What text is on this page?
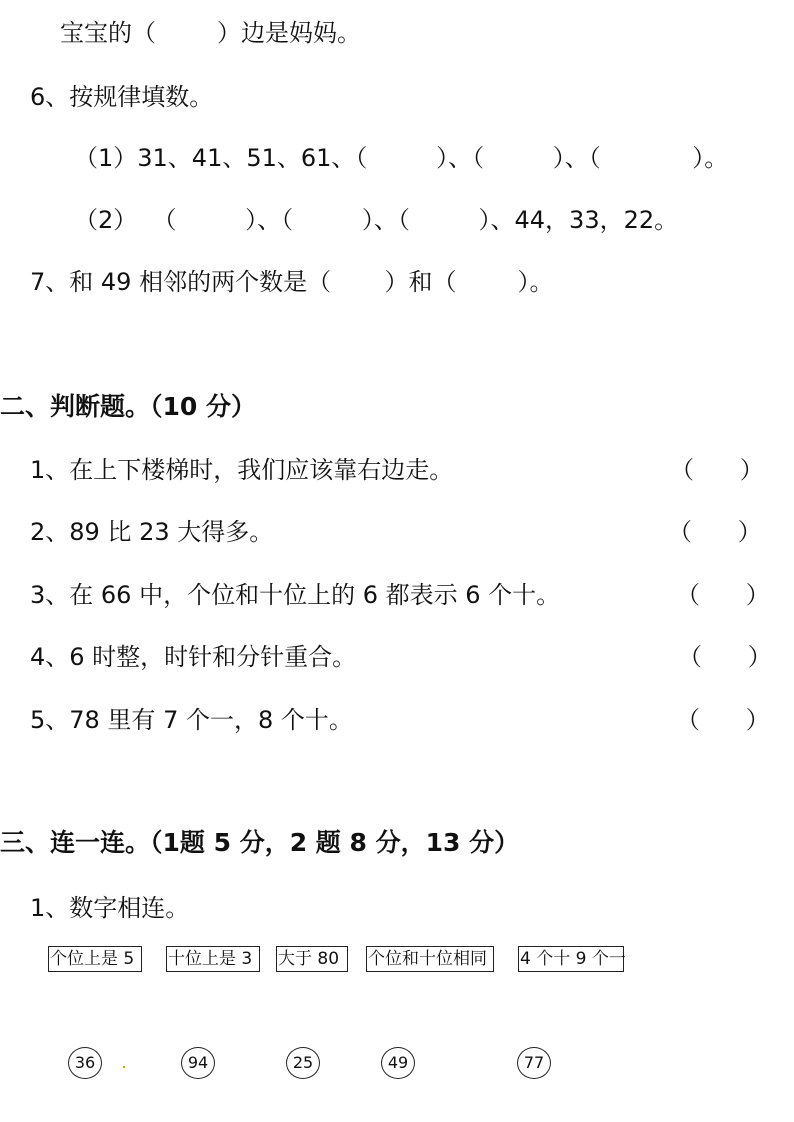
宝宝的（        ）边是妈妈。
6、按规律填数。
（1）31、41、51、61、（         ）、（         ）、（            ）。
（2）  （         ）、（         ）、（         ）、44，33，22。
7、和 49 相邻的两个数是（       ）和（        ）。
二、判断题。（10 分）
1、在上下楼梯时，我们应该靠右边走。	（      ）
2、89 比 23 大得多。	（      ）
3、在 66 中，个位和十位上的 6 都表示 6 个十。	（      ）
4、6 时整，时针和分针重合。	（      ）
5、78 里有 7 个一，8 个十。	（      ）
三、连一连。（1题 5 分，2 题 8 分，13 分）
1、数字相连。
个位上是 5	十位上是 3	大于 80	个位和十位相同	4 个十 9 个一
36	94	25	49	77
